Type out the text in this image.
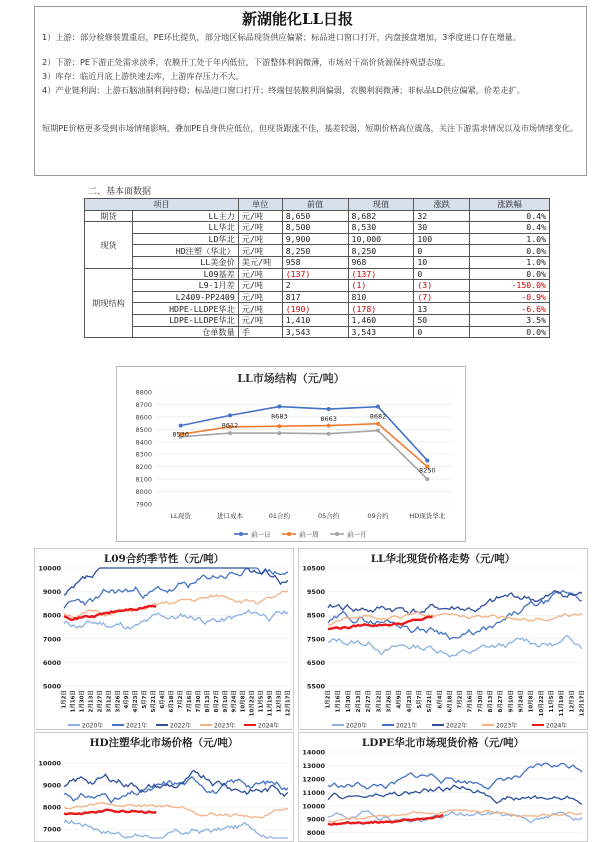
新湖能化LL日报
1）上游：部分检修装置重启，PE环比提负，部分地区标品现货供应偏紧；标品进口窗口打开，内盘接盘增加，3季度进口存在增量。
2）下游：PE下游正处需求淡季，农膜开工处于年内低位，下游整体利润微薄，市场对于高价货源保持观望态度。
3）库存：临近月底上游快速去库，上游库存压力不大。
4）产业链利润：上游石脑油制利润持稳；标品进口窗口打开；终端包装膜利润偏弱，农膜利润微薄；非标品LD供应偏紧，价差走扩。
短期PE价格更多受到市场情绪影响，叠加PE自身供应低位，但现货跟涨不佳，基差较弱，短期价格高位震荡，关注下游需求情况以及市场情绪变化。
二、基本面数据
项目		单位	前值	现值	涨跌	涨跌幅
期货	LL主力	元/吨	8,650	8,682	32	0.4%
现货	LL华北	元/吨	8,500	8,530	30	0.4%
	LD华北	元/吨	9,900	10,000	100	1.0%
	HD注塑（华北）	元/吨	8,250	8,250	0	0.0%
	LL美金价	美元/吨	958	968	10	1.0%
期现结构	L09基差	元/吨	(137)	(137)	0	0.0%
	L9-1月差	元/吨	2	(1)	(3)	-150.0%
	L2409-PP2409	元/吨	817	810	(7)	-0.9%
	HDPE-LLDPE华北	元/吨	(190)	(178)	13	-6.6%
	LDPE-LLDPE华北	元/吨	1,410	1,460	50	3.5%
	仓单数量	手	3,543	3,543	0	0.0%
LL市场结构（元/吨）
7900
8000
8100
8200
8300
8400
8500
8600
8700
8800
LL现货	进口成本	01合约	05合约	09合约	HD现货华北
8530
8612
8683	8663	8682
8250
前一日	前一周	前一月
L09合约季节性（元/吨）
5000
6000
7000
8000
9000
10000
1月2日 1月16日 1月30日 2月13日 2月27日 3月12日 3月26日 4月9日 4月23日 5月7日 5月21日 6月4日 6月18日 7月2日 7月16日 7月30日 8月13日 8月27日 9月10日 9月24日 10月8日 10月22日 11月5日 11月19日 12月3日 12月17日
2020年	2021年	2022年	2023年	2024年
LL华北现货价格走势（元/吨）
5500
6500
7500
8500
9500
10500
1月2日 1月16日 1月30日 2月13日 2月27日 3月12日 3月26日 4月9日 4月23日 5月7日 5月21日 6月4日 6月18日 7月2日 7月16日 7月30日 8月13日 8月27日 9月10日 9月24日 10月8日 10月22日 11月5日 11月19日 12月3日 12月17日
2020年	2021年	2022年	2023年	2024年
HD注塑华北市场价格（元/吨）
7000
8000
9000
10000
LDPE华北市场现货价格（元/吨）
8000
9000
10000
11000
12000
13000
14000
